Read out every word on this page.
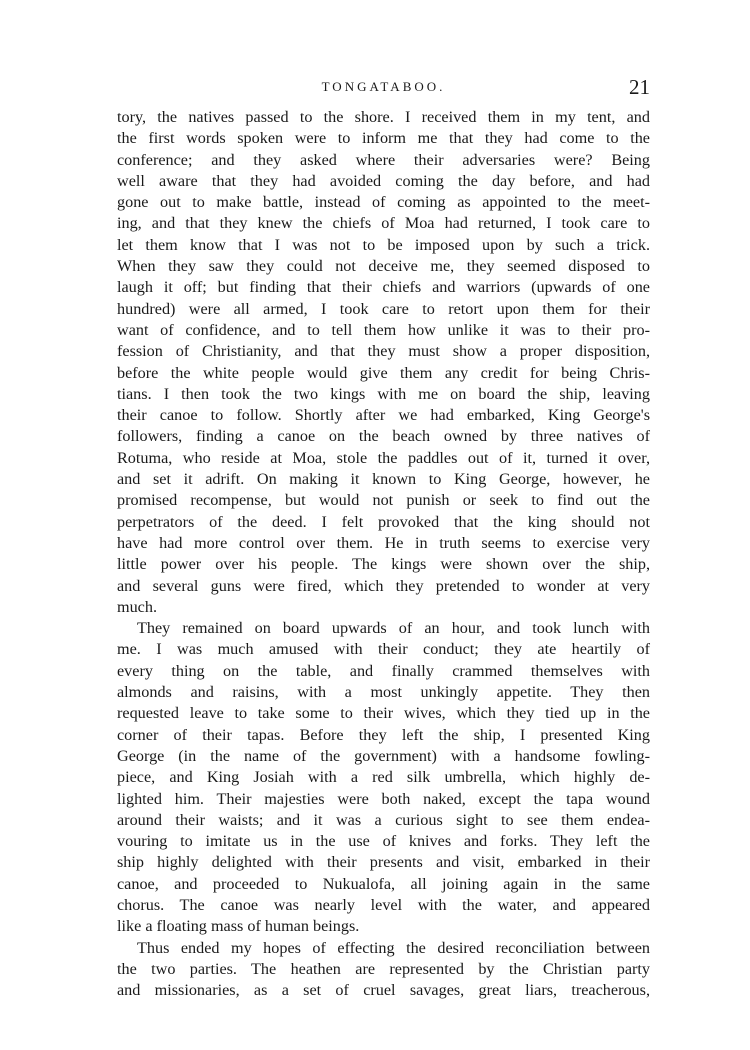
TONGATABOO.	21
tory, the natives passed to the shore. I received them in my tent, and
the first words spoken were to inform me that they had come to the
conference; and they asked where their adversaries were? Being
well aware that they had avoided coming the day before, and had
gone out to make battle, instead of coming as appointed to the meet-
ing, and that they knew the chiefs of Moa had returned, I took care to
let them know that I was not to be imposed upon by such a trick.
When they saw they could not deceive me, they seemed disposed to
laugh it off; but finding that their chiefs and warriors (upwards of one
hundred) were all armed, I took care to retort upon them for their
want of confidence, and to tell them how unlike it was to their pro-
fession of Christianity, and that they must show a proper disposition,
before the white people would give them any credit for being Chris-
tians. I then took the two kings with me on board the ship, leaving
their canoe to follow. Shortly after we had embarked, King George's
followers, finding a canoe on the beach owned by three natives of
Rotuma, who reside at Moa, stole the paddles out of it, turned it over,
and set it adrift. On making it known to King George, however, he
promised recompense, but would not punish or seek to find out the
perpetrators of the deed. I felt provoked that the king should not
have had more control over them. He in truth seems to exercise very
little power over his people. The kings were shown over the ship,
and several guns were fired, which they pretended to wonder at very
much.
They remained on board upwards of an hour, and took lunch with
me. I was much amused with their conduct; they ate heartily of
every thing on the table, and finally crammed themselves with
almonds and raisins, with a most unkingly appetite. They then
requested leave to take some to their wives, which they tied up in the
corner of their tapas. Before they left the ship, I presented King
George (in the name of the government) with a handsome fowling-
piece, and King Josiah with a red silk umbrella, which highly de-
lighted him. Their majesties were both naked, except the tapa wound
around their waists; and it was a curious sight to see them endea-
vouring to imitate us in the use of knives and forks. They left the
ship highly delighted with their presents and visit, embarked in their
canoe, and proceeded to Nukualofa, all joining again in the same
chorus. The canoe was nearly level with the water, and appeared
like a floating mass of human beings.
Thus ended my hopes of effecting the desired reconciliation between
the two parties. The heathen are represented by the Christian party
and missionaries, as a set of cruel savages, great liars, treacherous,
